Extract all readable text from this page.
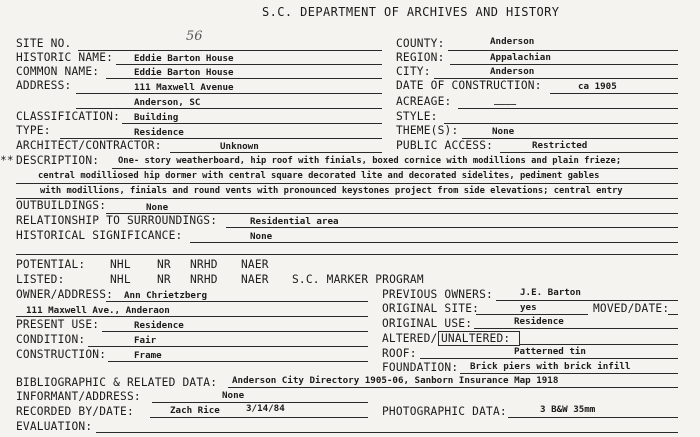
S.C. DEPARTMENT OF ARCHIVES AND HISTORY
SITE NO.	56
HISTORIC NAME: Eddie Barton House
COMMON NAME:	Eddie Barton House
ADDRESS:	111 Maxwell Avenue
Anderson, SC
CLASSIFICATION: Building
TYPE:	Residence
ARCHITECT/CONTRACTOR:	Unknown
COUNTY:	Anderson
REGION:	Appalachian
CITY:	Anderson
DATE OF CONSTRUCTION:	ca 1905
ACREAGE:	____
STYLE:
THEME(S):	None
PUBLIC ACCESS:	Restricted
** DESCRIPTION: One- story weatherboard, hip roof with finials, boxed cornice with modillions and plain frieze;
central modilliosed hip dormer with central square decorated lite and decorated sidelites, pediment gables
with modillions, finials and round vents with pronounced keystones project from side elevations; central entry
OUTBUILDINGS:	None
RELATIONSHIP TO SURROUNDINGS:	Residential area
HISTORICAL SIGNIFICANCE:	None
POTENTIAL: NHL NR NRHD NAER
LISTED:	NHL NR NRHD NAER S.C. MARKER PROGRAM
OWNER/ADDRESS: Ann Chrietzberg
111 Maxwell Ave., Anderaon
PRESENT USE:	Residence
CONDITION:	Fair
CONSTRUCTION:	Frame
PREVIOUS OWNERS:	J.E. Barton
ORIGINAL SITE:	yes	MOVED/DATE:
ORIGINAL USE:	Residence
ALTERED/ UNALTERED:
ROOF:	Patterned tin
FOUNDATION: Brick piers with brick infill
BIBLIOGRAPHIC & RELATED DATA: Anderson City Directory 1905-06, Sanborn Insurance Map 1918
INFORMANT/ADDRESS:	None
RECORDED BY/DATE:	Zach Rice	3/14/84	PHOTOGRAPHIC DATA:	3 B&W 35mm
EVALUATION:
